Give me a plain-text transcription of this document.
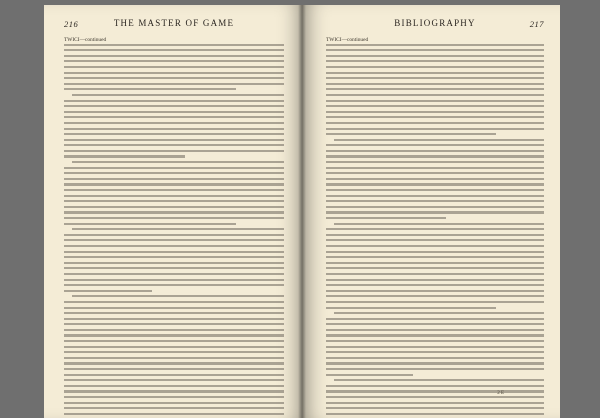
216	THE MASTER OF GAME
TWICI—continued
BIBLIOGRAPHY	217
TWICI—continued
2 E
